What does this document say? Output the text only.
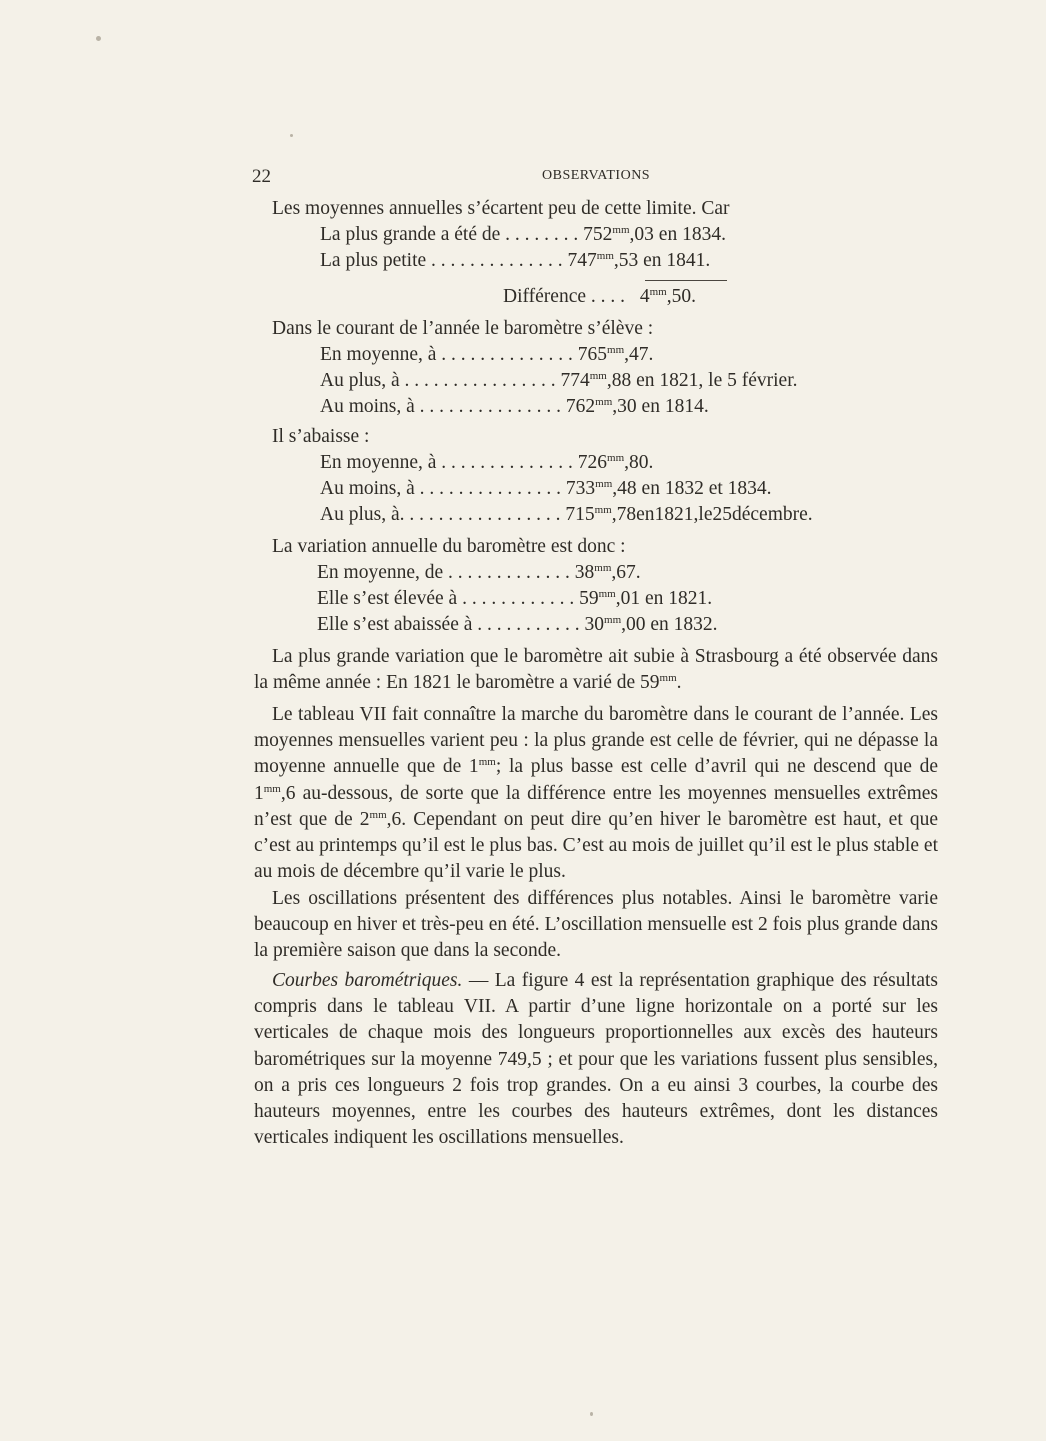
22	OBSERVATIONS
Les moyennes annuelles s’écartent peu de cette limite. Car
La plus grande a été de . . . . . . . . $752^{mm},03$ en 1834.
La plus petite . . . . . . . . . . . . . . $747^{mm},53$ en 1841.
Différence . . . . $4^{mm},50$.
Dans le courant de l’année le baromètre s’élève :
En moyenne, à . . . . . . . . . . . . . . $765^{mm},47$.
Au plus, à . . . . . . . . . . . . . . . . $774^{mm},88$ en 1821, le 5 février.
Au moins, à . . . . . . . . . . . . . . . $762^{mm},30$ en 1814.
Il s’abaisse :
En moyenne, à . . . . . . . . . . . . . . $726^{mm},80$.
Au moins, à . . . . . . . . . . . . . . . $733^{mm},48$ en 1832 et 1834.
Au plus, à. . . . . . . . . . . . . . . . . $715^{mm},78en1821,le25décembre$.
La variation annuelle du baromètre est donc :
En moyenne, de . . . . . . . . . . . . . $38^{mm},67$.
Elle s’est élevée à . . . . . . . . . . . . $59^{mm},01$ en 1821.
Elle s’est abaissée à . . . . . . . . . . . $30^{mm},00$ en 1832.

La plus grande variation que le baromètre ait subie à Strasbourg a été observée dans la même année : En 1821 le baromètre a varié de $59^{mm}$.

Le tableau VII fait connaître la marche du baromètre dans le courant de l’année. Les moyennes mensuelles varient peu : la plus grande est celle de février, qui ne dépasse la moyenne annuelle que de $1^{mm}$; la plus basse est celle d’avril qui ne descend que de $1^{mm},6$ au-dessous, de sorte que la différence entre les moyennes mensuelles extrêmes n’est que de $2^{mm},6$. Cependant on peut dire qu’en hiver le baromètre est haut, et que c’est au printemps qu’il est le plus bas. C’est au mois de juillet qu’il est le plus stable et au mois de décembre qu’il varie le plus.

Les oscillations présentent des différences plus notables. Ainsi le baromètre varie beaucoup en hiver et très-peu en été. L’oscillation mensuelle est 2 fois plus grande dans la première saison que dans la seconde.

Courbes barométriques. — La figure 4 est la représentation graphique des résultats compris dans le tableau VII. A partir d’une ligne horizontale on a porté sur les verticales de chaque mois des longueurs proportionnelles aux excès des hauteurs barométriques sur la moyenne 749,5 ; et pour que les variations fussent plus sensibles, on a pris ces longueurs 2 fois trop grandes. On a eu ainsi 3 courbes, la courbe des hauteurs moyennes, entre les courbes des hauteurs extrêmes, dont les distances verticales indiquent les oscillations mensuelles.
